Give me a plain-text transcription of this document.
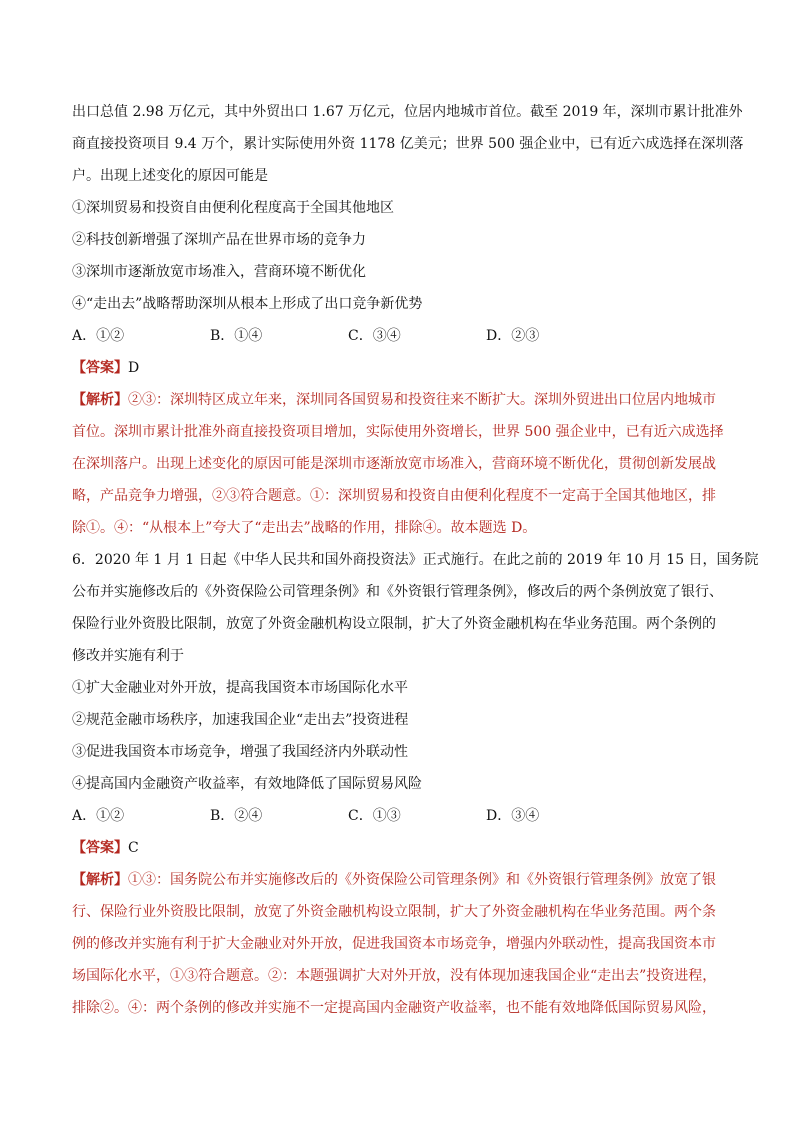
出口总值 2.98 万亿元，其中外贸出口 1.67 万亿元，位居内地城市首位。截至 2019 年，深圳市累计批准外

商直接投资项目 9.4 万个，累计实际使用外资 1178 亿美元；世界 500 强企业中，已有近六成选择在深圳落

户。出现上述变化的原因可能是

①深圳贸易和投资自由便利化程度高于全国其他地区

②科技创新增强了深圳产品在世界市场的竞争力

③深圳市逐渐放宽市场准入，营商环境不断优化

④“走出去”战略帮助深圳从根本上形成了出口竞争新优势

A．①②	B．①④	C．③④	D．②③

【答案】D

【解析】②③：深圳特区成立年来，深圳同各国贸易和投资往来不断扩大。深圳外贸进出口位居内地城市

首位。深圳市累计批准外商直接投资项目增加，实际使用外资增长，世界 500 强企业中，已有近六成选择

在深圳落户。出现上述变化的原因可能是深圳市逐渐放宽市场准入，营商环境不断优化，贯彻创新发展战

略，产品竞争力增强，②③符合题意。①：深圳贸易和投资自由便利化程度不一定高于全国其他地区，排

除①。④：“从根本上”夸大了“走出去”战略的作用，排除④。故本题选 D。

6．2020 年 1 月 1 日起《中华人民共和国外商投资法》正式施行。在此之前的 2019 年 10 月 15 日，国务院

公布并实施修改后的《外资保险公司管理条例》和《外资银行管理条例》，修改后的两个条例放宽了银行、

保险行业外资股比限制，放宽了外资金融机构设立限制，扩大了外资金融机构在华业务范围。两个条例的

修改并实施有利于

①扩大金融业对外开放，提高我国资本市场国际化水平

②规范金融市场秩序，加速我国企业“走出去”投资进程

③促进我国资本市场竞争，增强了我国经济内外联动性

④提高国内金融资产收益率，有效地降低了国际贸易风险

A．①②	B．②④	C．①③	D．③④

【答案】C

【解析】①③：国务院公布并实施修改后的《外资保险公司管理条例》和《外资银行管理条例》放宽了银

行、保险行业外资股比限制，放宽了外资金融机构设立限制，扩大了外资金融机构在华业务范围。两个条

例的修改并实施有利于扩大金融业对外开放，促进我国资本市场竞争，增强内外联动性，提高我国资本市

场国际化水平，①③符合题意。②：本题强调扩大对外开放，没有体现加速我国企业“走出去”投资进程，

排除②。④：两个条例的修改并实施不一定提高国内金融资产收益率，也不能有效地降低国际贸易风险，
